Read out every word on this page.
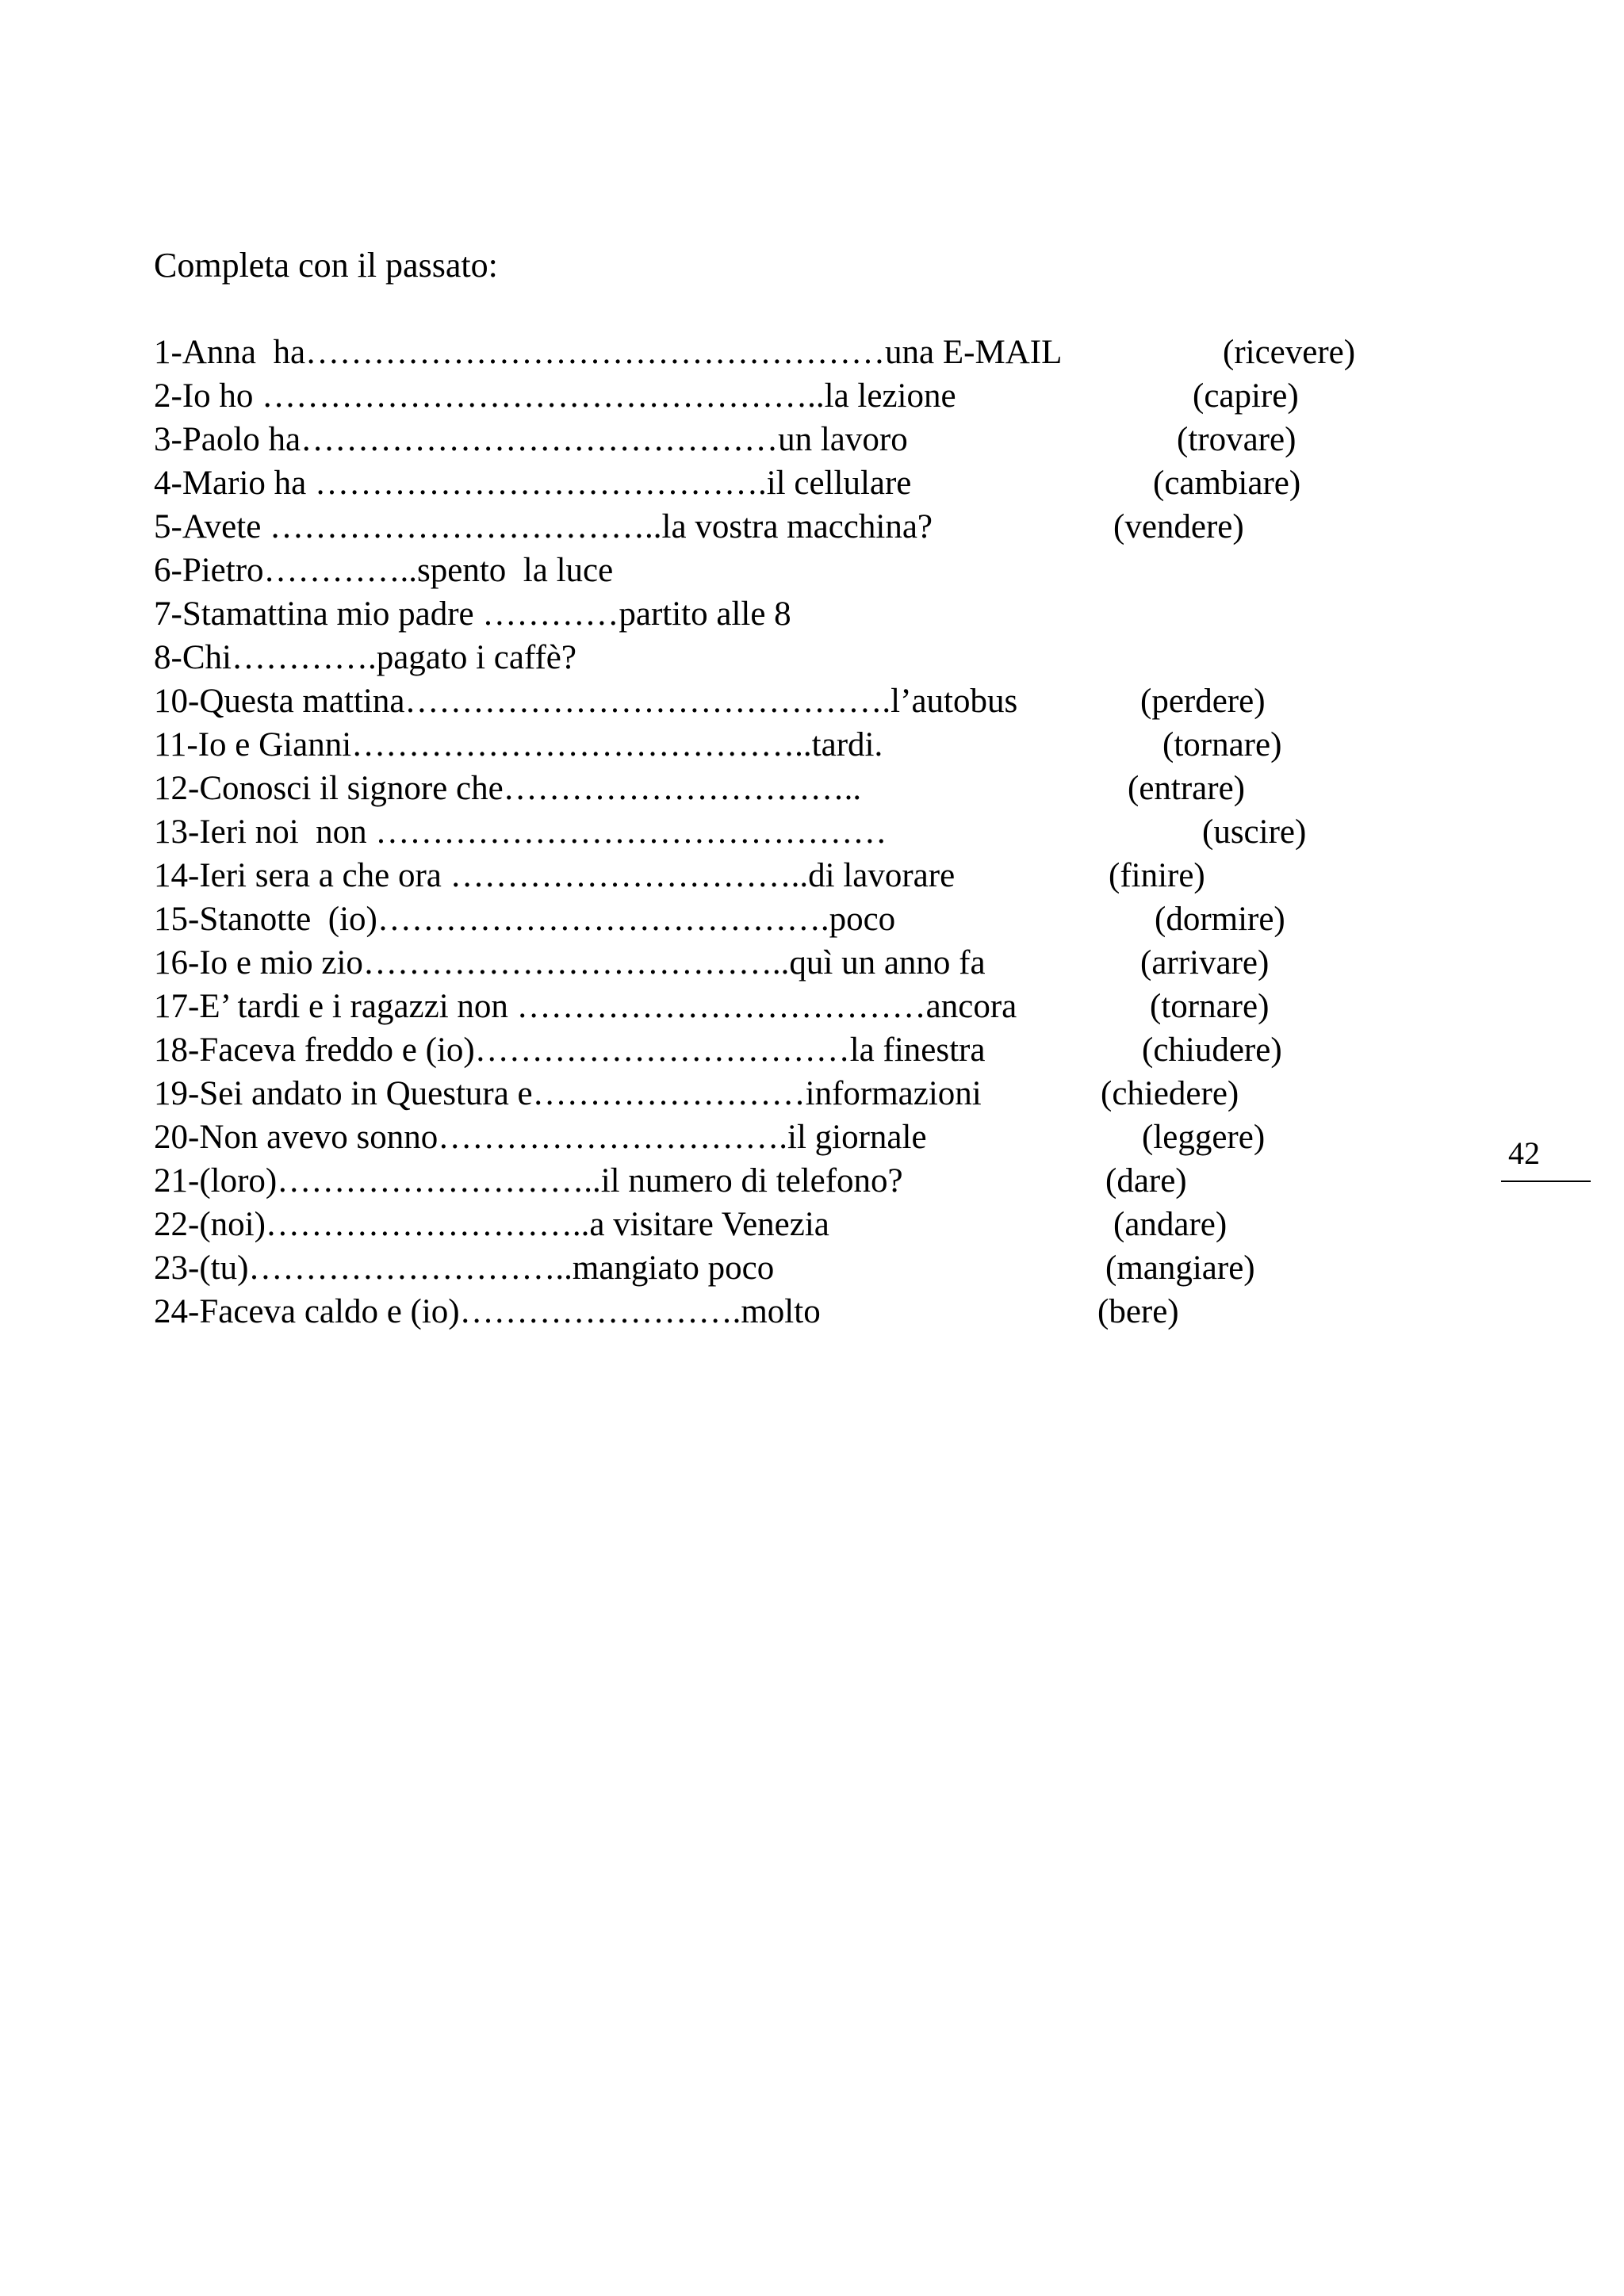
Completa con il passato:

1-Anna  ha……………………………………………una E-MAIL

	(ricevere)

2-Io ho …………………………………………..la lezione

	(capire)

3-Paolo ha……………………………………un lavoro

	(trovare)

4-Mario ha ………………………………….il cellulare

	(cambiare)

5-Avete ……………………………..la vostra macchina?

	(vendere)

6-Pietro…………..spento  la luce

7-Stamattina mio padre …………partito alle 8

8-Chi………….pagato i caffè?

10-Questa mattina…………………………………….l’autobus

	(perdere)

11-Io e Gianni…………………………………..tardi.

	(tornare)

12-Conosci il signore che…………………………..

	(entrare)

13-Ieri noi  non ………………………………………

	(uscire)

14-Ieri sera a che ora …………………………..di lavorare

	(finire)

15-Stanotte  (io)………………………………….poco

	(dormire)

16-Io e mio zio………………………………..quì un anno fa

	(arrivare)

17-E’ tardi e i ragazzi non ………………………………ancora

	(tornare)

18-Faceva freddo e (io)……………………………la finestra

	(chiudere)

19-Sei andato in Questura e……………………informazioni

	(chiedere)

20-Non avevo sonno………………………….il giornale

	(leggere)

21-(loro)………………………..il numero di telefono?

	(dare)

22-(noi)………………………..a visitare Venezia

	(andare)

23-(tu)………………………..mangiato poco

	(mangiare)

24-Faceva caldo e (io)…………………….molto

	(bere)

42
